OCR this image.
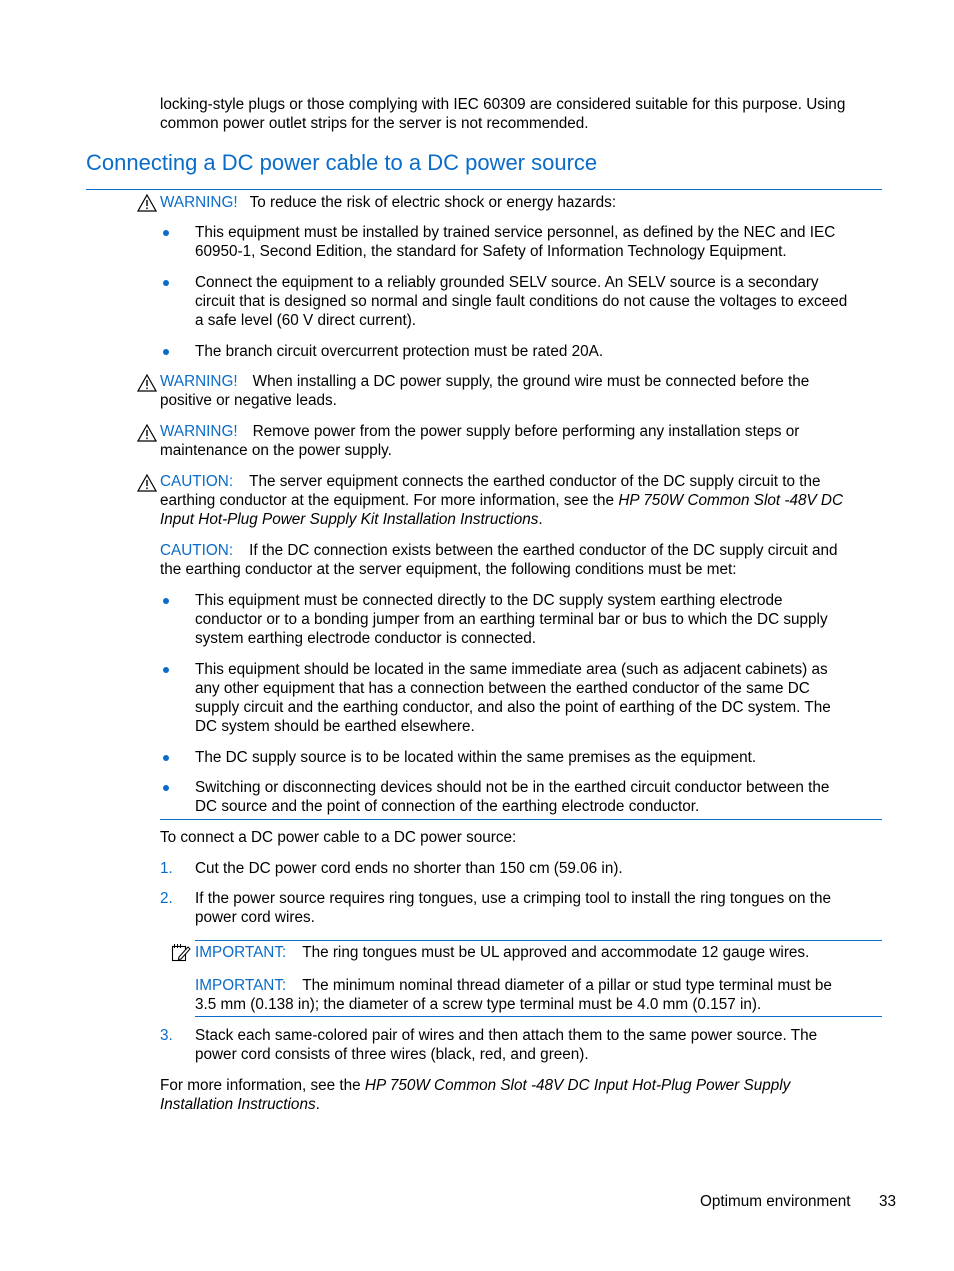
locking-style plugs or those complying with IEC 60309 are considered suitable for this purpose. Using
common power outlet strips for the server is not recommended.
Connecting a DC power cable to a DC power source
WARNING! To reduce the risk of electric shock or energy hazards:
This equipment must be installed by trained service personnel, as defined by the NEC and IEC
60950-1, Second Edition, the standard for Safety of Information Technology Equipment.
Connect the equipment to a reliably grounded SELV source. An SELV source is a secondary
circuit that is designed so normal and single fault conditions do not cause the voltages to exceed
a safe level (60 V direct current).
The branch circuit overcurrent protection must be rated 20A.
WARNING! When installing a DC power supply, the ground wire must be connected before the
positive or negative leads.
WARNING! Remove power from the power supply before performing any installation steps or
maintenance on the power supply.
CAUTION: The server equipment connects the earthed conductor of the DC supply circuit to the
earthing conductor at the equipment. For more information, see the HP 750W Common Slot -48V DC
Input Hot-Plug Power Supply Kit Installation Instructions.
CAUTION: If the DC connection exists between the earthed conductor of the DC supply circuit and
the earthing conductor at the server equipment, the following conditions must be met:
This equipment must be connected directly to the DC supply system earthing electrode
conductor or to a bonding jumper from an earthing terminal bar or bus to which the DC supply
system earthing electrode conductor is connected.
This equipment should be located in the same immediate area (such as adjacent cabinets) as
any other equipment that has a connection between the earthed conductor of the same DC
supply circuit and the earthing conductor, and also the point of earthing of the DC system. The
DC system should be earthed elsewhere.
The DC supply source is to be located within the same premises as the equipment.
Switching or disconnecting devices should not be in the earthed circuit conductor between the
DC source and the point of connection of the earthing electrode conductor.
To connect a DC power cable to a DC power source:
1. Cut the DC power cord ends no shorter than 150 cm (59.06 in).
2. If the power source requires ring tongues, use a crimping tool to install the ring tongues on the
power cord wires.
IMPORTANT: The ring tongues must be UL approved and accommodate 12 gauge wires.
IMPORTANT: The minimum nominal thread diameter of a pillar or stud type terminal must be
3.5 mm (0.138 in); the diameter of a screw type terminal must be 4.0 mm (0.157 in).
3. Stack each same-colored pair of wires and then attach them to the same power source. The
power cord consists of three wires (black, red, and green).
For more information, see the HP 750W Common Slot -48V DC Input Hot-Plug Power Supply
Installation Instructions.
Optimum environment 33
